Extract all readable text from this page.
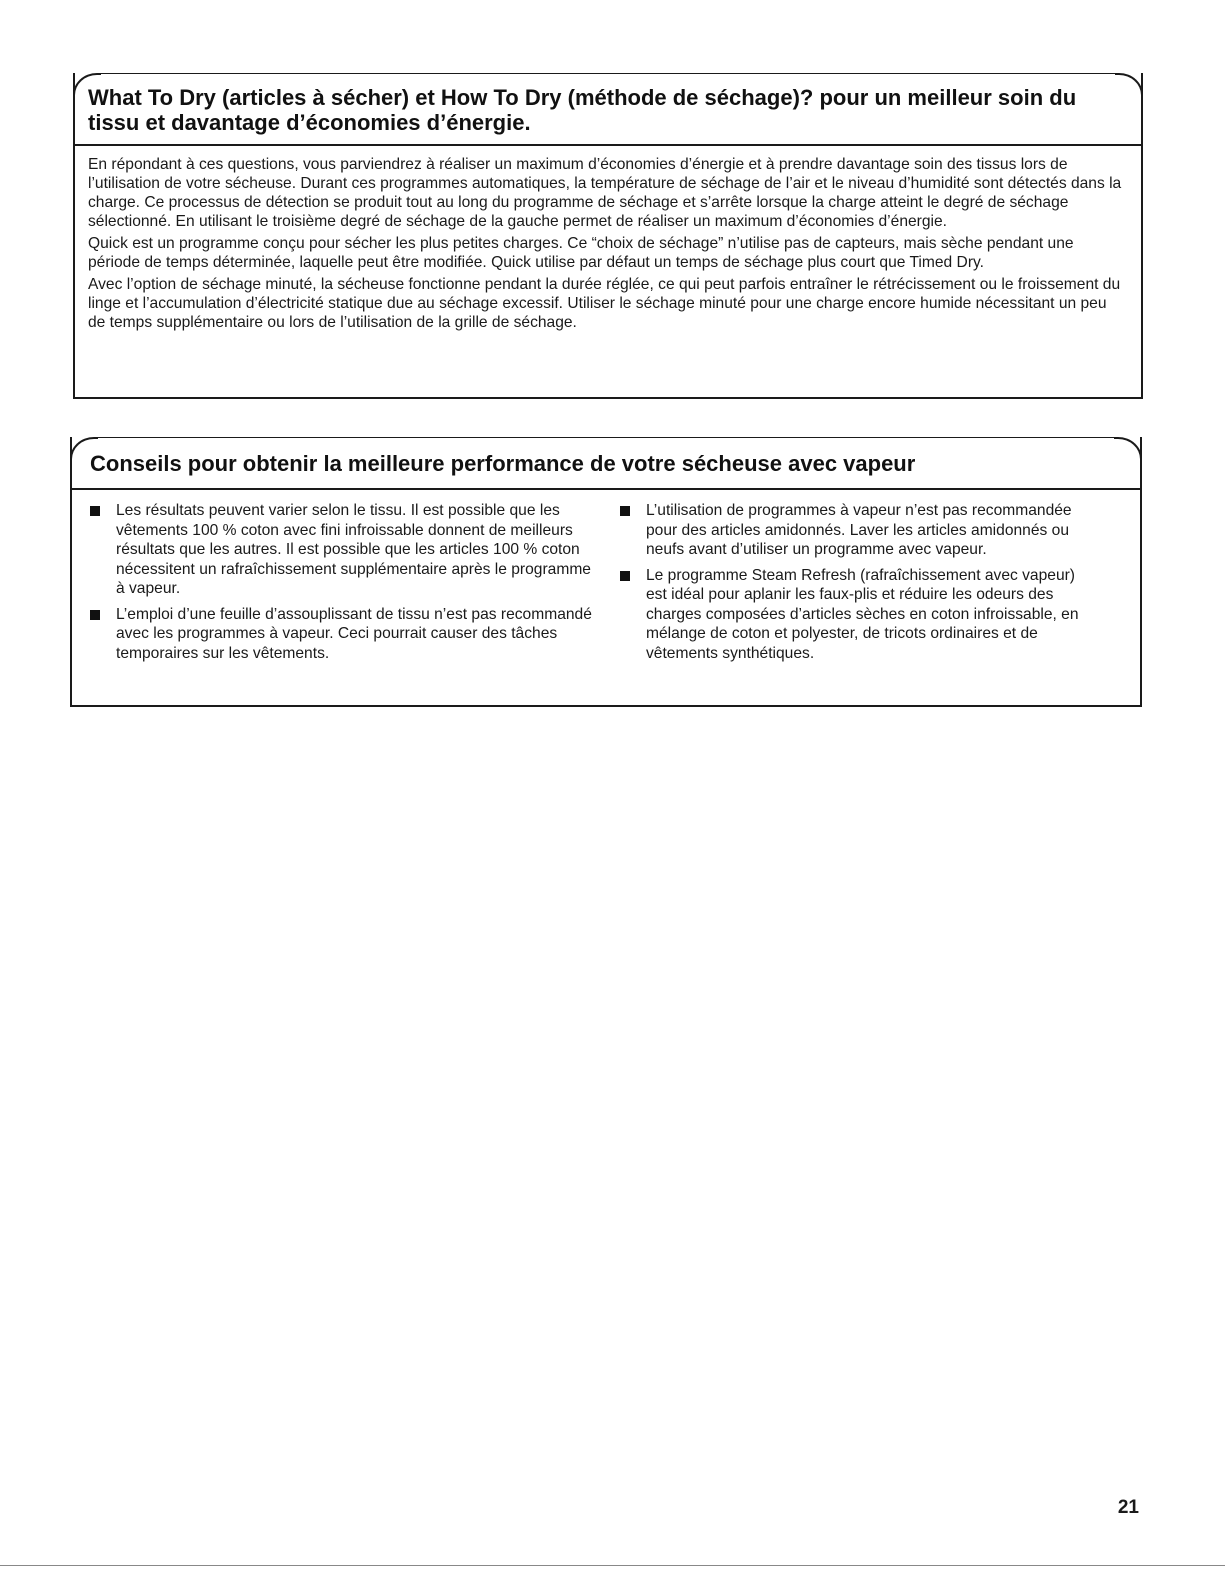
What To Dry (articles à sécher) et How To Dry (méthode de séchage)? pour un meilleur soin du tissu et davantage d’économies d’énergie.

En répondant à ces questions, vous parviendrez à réaliser un maximum d’économies d’énergie et à prendre davantage soin des tissus lors de l’utilisation de votre sécheuse. Durant ces programmes automatiques, la température de séchage de l’air et le niveau d’humidité sont détectés dans la charge. Ce processus de détection se produit tout au long du programme de séchage et s’arrête lorsque la charge atteint le degré de séchage sélectionné. En utilisant le troisième degré de séchage de la gauche permet de réaliser un maximum d’économies d’énergie.

Quick est un programme conçu pour sécher les plus petites charges. Ce “choix de séchage” n’utilise pas de capteurs, mais sèche pendant une période de temps déterminée, laquelle peut être modifiée. Quick utilise par défaut un temps de séchage plus court que Timed Dry.

Avec l’option de séchage minuté, la sécheuse fonctionne pendant la durée réglée, ce qui peut parfois entraîner le rétrécissement ou le froissement du linge et l’accumulation d’électricité statique due au séchage excessif. Utiliser le séchage minuté pour une charge encore humide nécessitant un peu de temps supplémentaire ou lors de l’utilisation de la grille de séchage.

Conseils pour obtenir la meilleure performance de votre sécheuse avec vapeur
Les résultats peuvent varier selon le tissu. Il est possible que les vêtements 100 % coton avec fini infroissable donnent de meilleurs résultats que les autres. Il est possible que les articles 100 % coton nécessitent un rafraîchissement supplémentaire après le programme à vapeur.
L’emploi d’une feuille d’assouplissant de tissu n’est pas recommandé avec les programmes à vapeur. Ceci pourrait causer des tâches temporaires sur les vêtements.
L’utilisation de programmes à vapeur n’est pas recommandée pour des articles amidonnés. Laver les articles amidonnés ou neufs avant d’utiliser un programme avec vapeur.
Le programme Steam Refresh (rafraîchissement avec vapeur) est idéal pour aplanir les faux-plis et réduire les odeurs des charges composées d’articles sèches en coton infroissable, en mélange de coton et polyester, de tricots ordinaires et de vêtements synthétiques.
21
